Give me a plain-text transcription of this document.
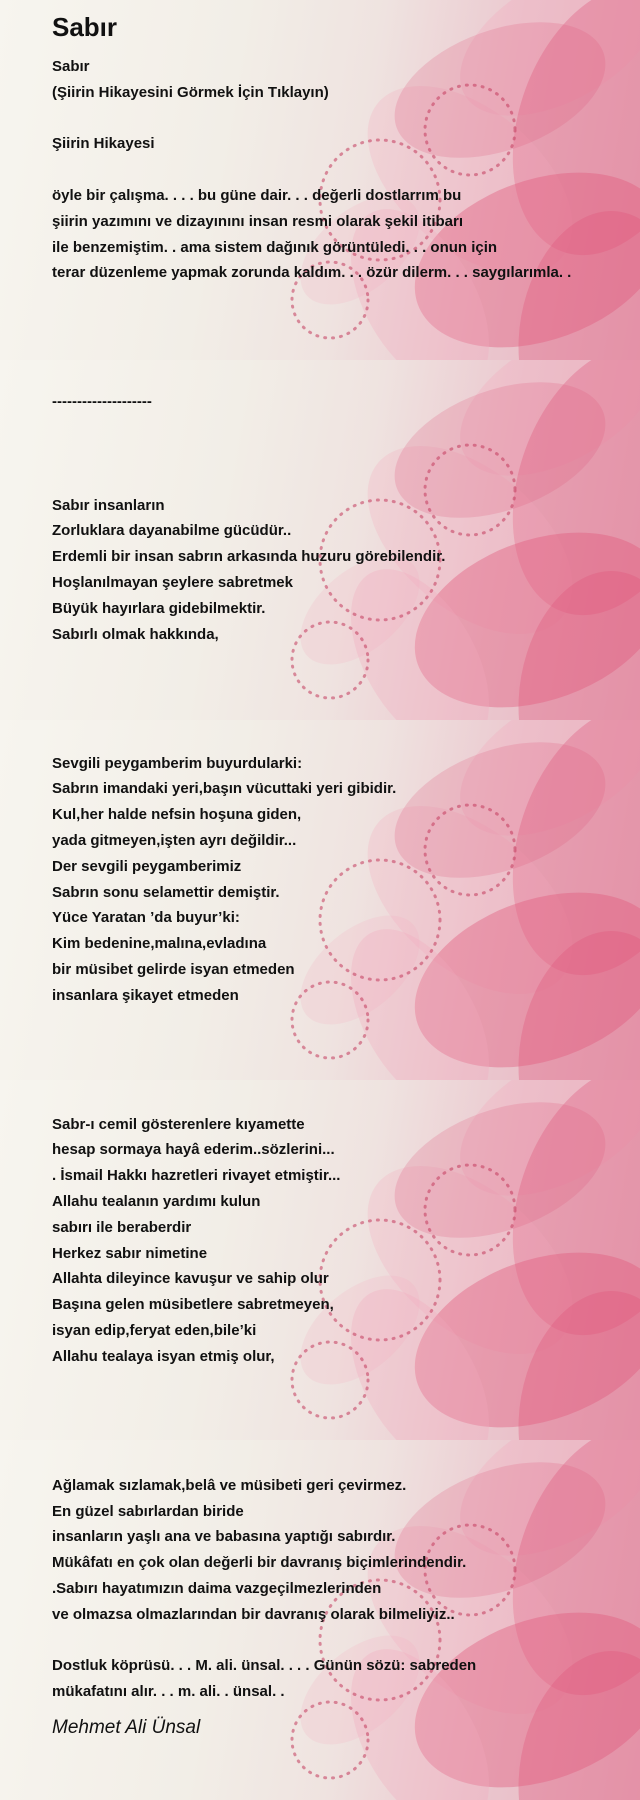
Sabır
Sabır
(Şiirin Hikayesini Görmek İçin Tıklayın)
Şiirin Hikayesi
öyle bir çalışma. . . . bu güne dair. . . değerli dostlarrım bu
şiirin yazımını ve dizayınını insan resmi olarak şekil itibarı
ile benzemiştim. . ama sistem dağınık görüntüledi. . . onun için
terar düzenleme yapmak zorunda kaldım. . . özür dilerm. . . saygılarımla. .
--------------------
Sabır insanların
Zorluklara dayanabilme gücüdür..
Erdemli bir insan sabrın arkasında huzuru görebilendir.
Hoşlanılmayan şeylere sabretmek
Büyük hayırlara gidebilmektir.
Sabırlı olmak hakkında,
Sevgili peygamberim buyurdularki:
Sabrın imandaki yeri,başın vücuttaki yeri gibidir.
Kul,her halde nefsin hoşuna giden,
yada gitmeyen,işten ayrı değildir...
Der sevgili peygamberimiz
Sabrın sonu selamettir demiştir.
Yüce Yaratan ’da buyur’ki:
Kim bedenine,malına,evladına
bir müsibet gelirde isyan etmeden
insanlara şikayet etmeden
Sabr-ı cemil gösterenlere kıyamette
hesap sormaya hayâ ederim..sözlerini...
. İsmail Hakkı hazretleri rivayet etmiştir...
Allahu tealanın yardımı kulun
sabırı ile beraberdir
Herkez sabır nimetine
Allahta dileyince kavuşur ve sahip olur
Başına gelen müsibetlere sabretmeyen,
isyan edip,feryat eden,bile’ki
Allahu tealaya isyan etmiş olur,
Ağlamak sızlamak,belâ ve müsibeti geri çevirmez.
En güzel sabırlardan biride
insanların yaşlı ana ve babasına yaptığı sabırdır.
Mükâfatı en çok olan değerli bir davranış biçimlerindendir.
.Sabırı hayatımızın daima vazgeçilmezlerinden
ve olmazsa olmazlarından bir davranış olarak bilmeliyiz..
Dostluk köprüsü. . . M. ali. ünsal. . . . Günün sözü: sabreden
mükafatını alır. . . m. ali. . ünsal. .
Mehmet Ali Ünsal
